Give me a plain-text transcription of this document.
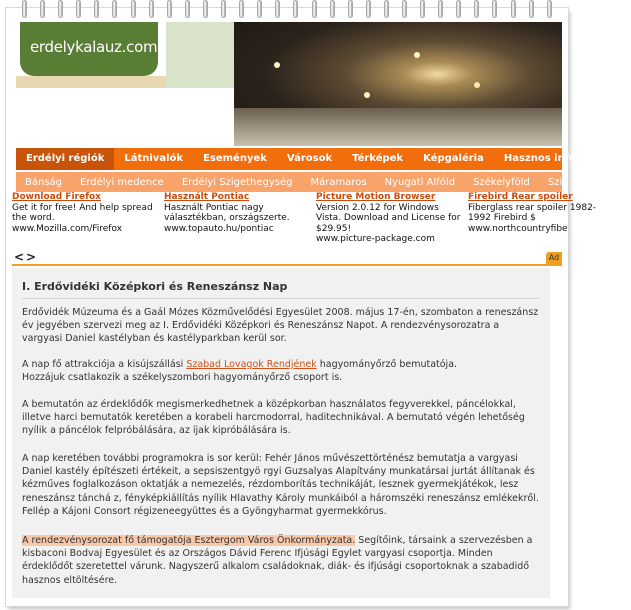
erdelykalauz.com
Erdélyi régiók	Látnivalók	Események	Városok	Térképek	Képgaléria	Hasznos információk
Bánság	Erdélyi medence	Erdélyi Szigethegység	Máramaros	Nyugati Alföld	Székelyföld	Szil
Download Firefox
Get it for free! And help spread the word.
www.Mozilla.com/Firefox
Használt Pontiac
Használt Pontiac nagy választékban, országszerte.
www.topauto.hu/pontiac
Picture Motion Browser
Version 2.0.12 for Windows Vista. Download and License for $29.95!
www.picture-package.com
Firebird Rear spoiler
Fiberglass rear spoiler 1982-1992 Firebird $
www.northcountryfibe
< >	Ad
I. Erdővidéki Középkori és Reneszánsz Nap
Erdővidék Múzeuma és a Gaál Mózes Közművelődési Egyesület 2008. május 17-én, szombaton a reneszánsz év jegyében szervezi meg az I. Erdővidéki Középkori és Reneszánsz Napot. A rendezvénysorozatra a vargyasi Daniel kastélyban és kastélyparkban kerül sor.
A nap fő attrakciója a kisújszállási Szabad Lovagok Rendjének hagyományőrző bemutatója.
Hozzájuk csatlakozik a székelyszombori hagyományőrző csoport is.
A bemutatón az érdeklődők megismerkedhetnek a középkorban használatos fegyverekkel, páncélokkal, illetve harci bemutatók keretében a korabeli harcmodorral, haditechnikával. A bemutató végén lehetőség nyílik a páncélok felpróbálására, az íjak kipróbálására is.
A nap keretében további programokra is sor kerül: Fehér János művészettörténész bemutatja a vargyasi Daniel kastély építészeti értékeit, a sepsiszentgyö rgyi Guzsalyas Alapítvány munkatársai jurtát állítanak és kézműves foglalkozáson oktatják a nemezelés, rézdomborítás technikáját, lesznek gyermekjátékok, lesz reneszánsz tánchá z, fényképkiállítás nyílik Hlavathy Károly munkáiból a háromszéki reneszánsz emlékekről.
Fellép a Kájoni Consort régizeneegyüttes és a Gyöngyharmat gyermekkórus.
A rendezvénysorozat fő támogatója Esztergom Város Önkormányzata. Segítőink, társaink a szervezésben a kisbaconi Bodvaj Egyesület és az Országos Dávid Ferenc Ifjúsági Egylet vargyasi csoportja. Minden érdeklődőt szeretettel várunk. Nagyszerű alkalom családoknak, diák- és ifjúsági csoportoknak a szabadidő hasznos eltöltésére.
